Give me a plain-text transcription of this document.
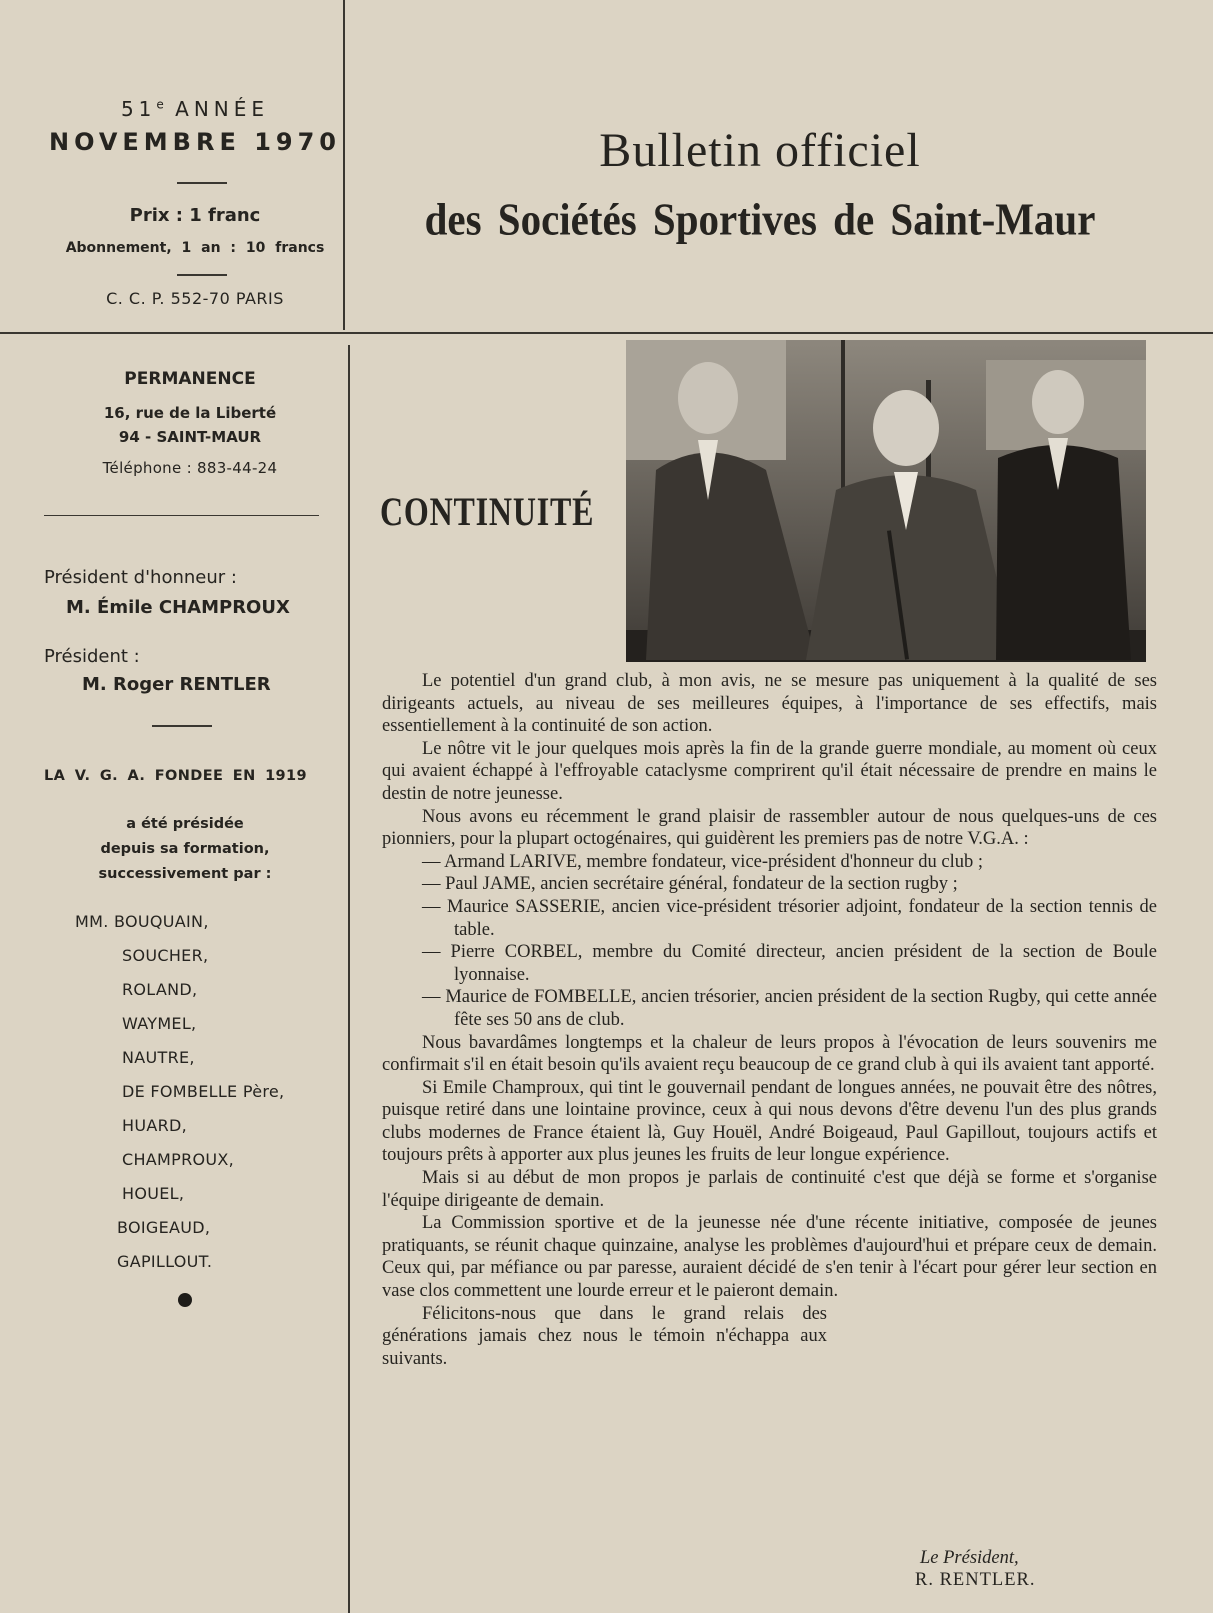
51e ANNÉE
NOVEMBRE 1970
Prix : 1 franc
Abonnement, 1 an : 10 francs
C. C. P. 552-70 PARIS
Bulletin officiel
des Sociétés Sportives de Saint-Maur
PERMANENCE
16, rue de la Liberté
94 - SAINT-MAUR
Téléphone : 883-44-24
Président d'honneur :
M. Émile CHAMPROUX
Président :
M. Roger RENTLER
LA V. G. A. FONDEE EN 1919
a été présidée
depuis sa formation,
successivement par :
MM. BOUQUAIN,
SOUCHER,
ROLAND,
WAYMEL,
NAUTRE,
DE FOMBELLE Père,
HUARD,
CHAMPROUX,
HOUEL,
BOIGEAUD,
GAPILLOUT.
CONTINUITÉ

Le potentiel d'un grand club, à mon avis, ne se mesure pas uniquement à la qualité de ses dirigeants actuels, au niveau de ses meilleures équipes, à l'importance de ses effectifs, mais essentiellement à la continuité de son action.

Le nôtre vit le jour quelques mois après la fin de la grande guerre mondiale, au moment où ceux qui avaient échappé à l'effroyable cataclysme comprirent qu'il était nécessaire de prendre en mains le destin de notre jeunesse.

Nous avons eu récemment le grand plaisir de rassembler autour de nous quelques-uns de ces pionniers, pour la plupart octogénaires, qui guidèrent les premiers pas de notre V.G.A. :

— Armand LARIVE, membre fondateur, vice-président d'honneur du club ;

— Paul JAME, ancien secrétaire général, fondateur de la section rugby ;

— Maurice SASSERIE, ancien vice-président trésorier adjoint, fondateur de la section tennis de table.

— Pierre CORBEL, membre du Comité directeur, ancien président de la section de Boule lyonnaise.

— Maurice de FOMBELLE, ancien trésorier, ancien président de la section Rugby, qui cette année fête ses 50 ans de club.

Nous bavardâmes longtemps et la chaleur de leurs propos à l'évocation de leurs souvenirs me confirmait s'il en était besoin qu'ils avaient reçu beaucoup de ce grand club à qui ils avaient tant apporté.

Si Emile Champroux, qui tint le gouvernail pendant de longues années, ne pouvait être des nôtres, puisque retiré dans une lointaine province, ceux à qui nous devons d'être devenu l'un des plus grands clubs modernes de France étaient là, Guy Houël, André Boigeaud, Paul Gapillout, toujours actifs et toujours prêts à apporter aux plus jeunes les fruits de leur longue expérience.

Mais si au début de mon propos je parlais de continuité c'est que déjà se forme et s'organise l'équipe dirigeante de demain.

La Commission sportive et de la jeunesse née d'une récente initiative, composée de jeunes pratiquants, se réunit chaque quinzaine, analyse les problèmes d'aujourd'hui et prépare ceux de demain. Ceux qui, par méfiance ou par paresse, auraient décidé de s'en tenir à l'écart pour gérer leur section en vase clos commettent une lourde erreur et le paieront demain.

Félicitons-nous que dans le grand relais des générations jamais chez nous le témoin n'échappa aux suivants.

Le Président,
R. RENTLER.
